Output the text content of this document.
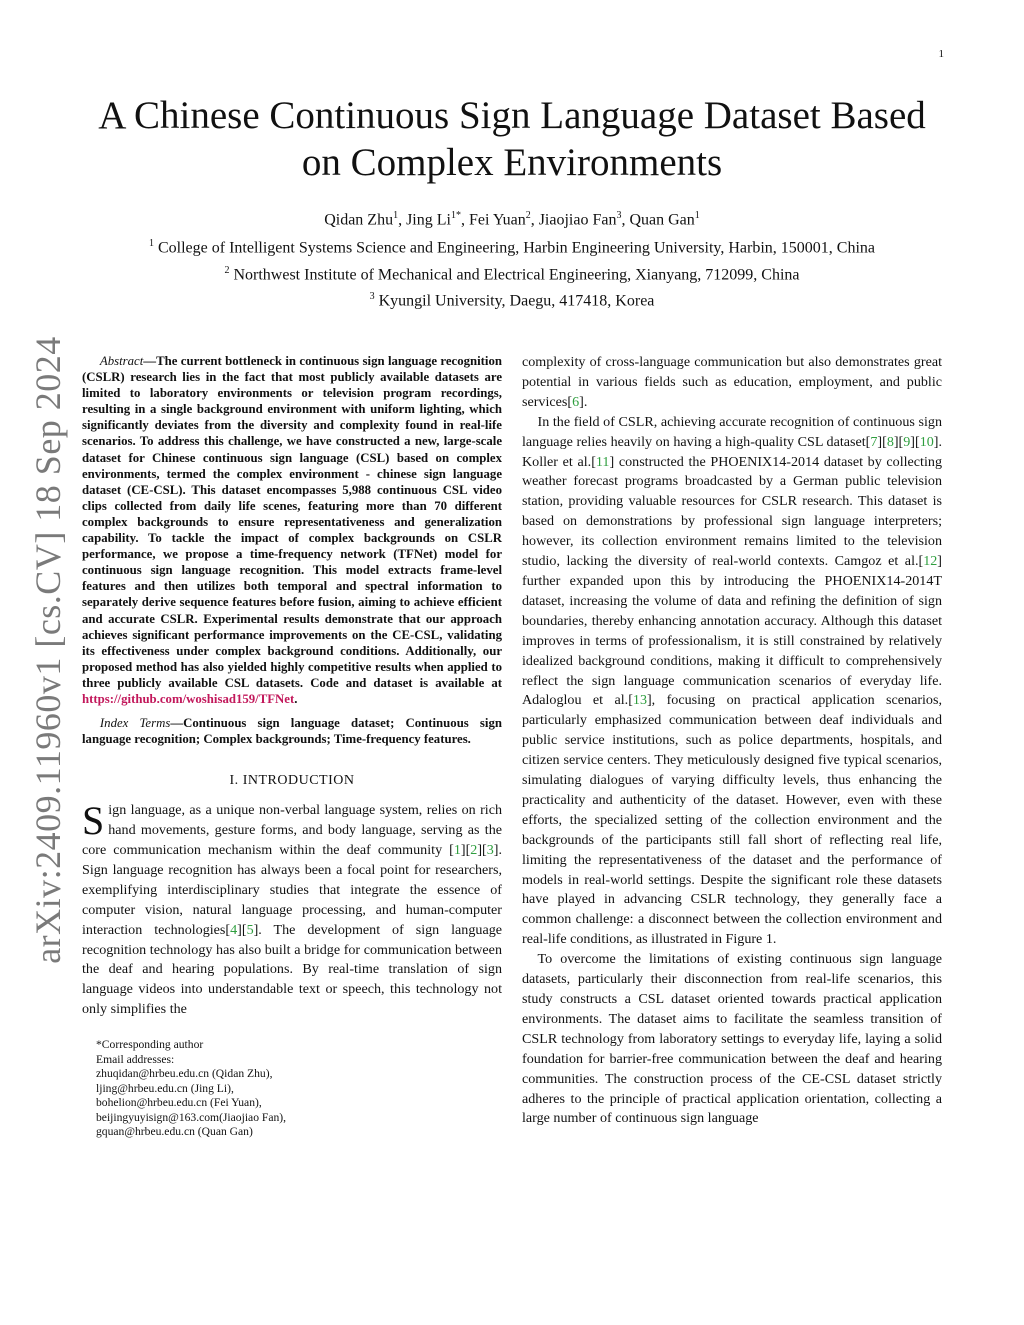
1
arXiv:2409.11960v1 [cs.CV] 18 Sep 2024
A Chinese Continuous Sign Language Dataset Based on Complex Environments
Qidan Zhu$^1$, Jing $Li^{1*}$, Fei Yuan$^2$, Jiaojiao Fan$^3$, Quan Gan$^1$
$^1$ College of Intelligent Systems Science and Engineering, Harbin Engineering University, Harbin, 150001, China
$^2$ Northwest Institute of Mechanical and Electrical Engineering, Xianyang, 712099, China
$^3$ Kyungil University, Daegu, 417418, Korea

Abstract—The current bottleneck in continuous sign language recognition (CSLR) research lies in the fact that most publicly available datasets are limited to laboratory environments or television program recordings, resulting in a single background environment with uniform lighting, which significantly deviates from the diversity and complexity found in real-life scenarios. To address this challenge, we have constructed a new, large-scale dataset for Chinese continuous sign language (CSL) based on complex environments, termed the complex environment - chinese sign language dataset (CE-CSL). This dataset encompasses 5,988 continuous CSL video clips collected from daily life scenes, featuring more than 70 different complex backgrounds to ensure representativeness and generalization capability. To tackle the impact of complex backgrounds on CSLR performance, we propose a time-frequency network (TFNet) model for continuous sign language recognition. This model extracts frame-level features and then utilizes both temporal and spectral information to separately derive sequence features before fusion, aiming to achieve efficient and accurate CSLR. Experimental results demonstrate that our approach achieves significant performance improvements on the CE-CSL, validating its effectiveness under complex background conditions. Additionally, our proposed method has also yielded highly competitive results when applied to three publicly available CSL datasets. Code and dataset is available at https://github.com/woshisad159/TFNet.

Index Terms—Continuous sign language dataset; Continuous sign language recognition; Complex backgrounds; Time-frequency features.

I. INTRODUCTION

Sign language, as a unique non-verbal language system, relies on rich hand movements, gesture forms, and body language, serving as the core communication mechanism within the deaf community [1][2][3]. Sign language recognition has always been a focal point for researchers, exemplifying interdisciplinary studies that integrate the essence of computer vision, natural language processing, and human-computer interaction technologies[4][5]. The development of sign language recognition technology has also built a bridge for communication between the deaf and hearing populations. By real-time translation of sign language videos into understandable text or speech, this technology not only simplifies the

*Corresponding author
Email addresses:
zhuqidan@hrbeu.edu.cn (Qidan Zhu),
ljing@hrbeu.edu.cn (Jing Li),
bohelion@hrbeu.edu.cn (Fei Yuan),
beijingyuyisign@163.com(Jiaojiao Fan),
gquan@hrbeu.edu.cn (Quan Gan)

complexity of cross-language communication but also demonstrates great potential in various fields such as education, employment, and public services[6].

In the field of CSLR, achieving accurate recognition of continuous sign language relies heavily on having a high-quality CSL dataset[7][8][9][10]. Koller et al.[11] constructed the PHOENIX14-2014 dataset by collecting weather forecast programs broadcasted by a German public television station, providing valuable resources for CSLR research. This dataset is based on demonstrations by professional sign language interpreters; however, its collection environment remains limited to the television studio, lacking the diversity of real-world contexts. Camgoz et al.[12] further expanded upon this by introducing the PHOENIX14-2014T dataset, increasing the volume of data and refining the definition of sign boundaries, thereby enhancing annotation accuracy. Although this dataset improves in terms of professionalism, it is still constrained by relatively idealized background conditions, making it difficult to comprehensively reflect the sign language communication scenarios of everyday life. Adaloglou et al.[13], focusing on practical application scenarios, particularly emphasized communication between deaf individuals and public service institutions, such as police departments, hospitals, and citizen service centers. They meticulously designed five typical scenarios, simulating dialogues of varying difficulty levels, thus enhancing the practicality and authenticity of the dataset. However, even with these efforts, the specialized setting of the collection environment and the backgrounds of the participants still fall short of reflecting real life, limiting the representativeness of the dataset and the performance of models in real-world settings. Despite the significant role these datasets have played in advancing CSLR technology, they generally face a common challenge: a disconnect between the collection environment and real-life conditions, as illustrated in Figure 1.

To overcome the limitations of existing continuous sign language datasets, particularly their disconnection from real-life scenarios, this study constructs a CSL dataset oriented towards practical application environments. The dataset aims to facilitate the seamless transition of CSLR technology from laboratory settings to everyday life, laying a solid foundation for barrier-free communication between the deaf and hearing communities. The construction process of the CE-CSL dataset strictly adheres to the principle of practical application orientation, collecting a large number of continuous sign language
